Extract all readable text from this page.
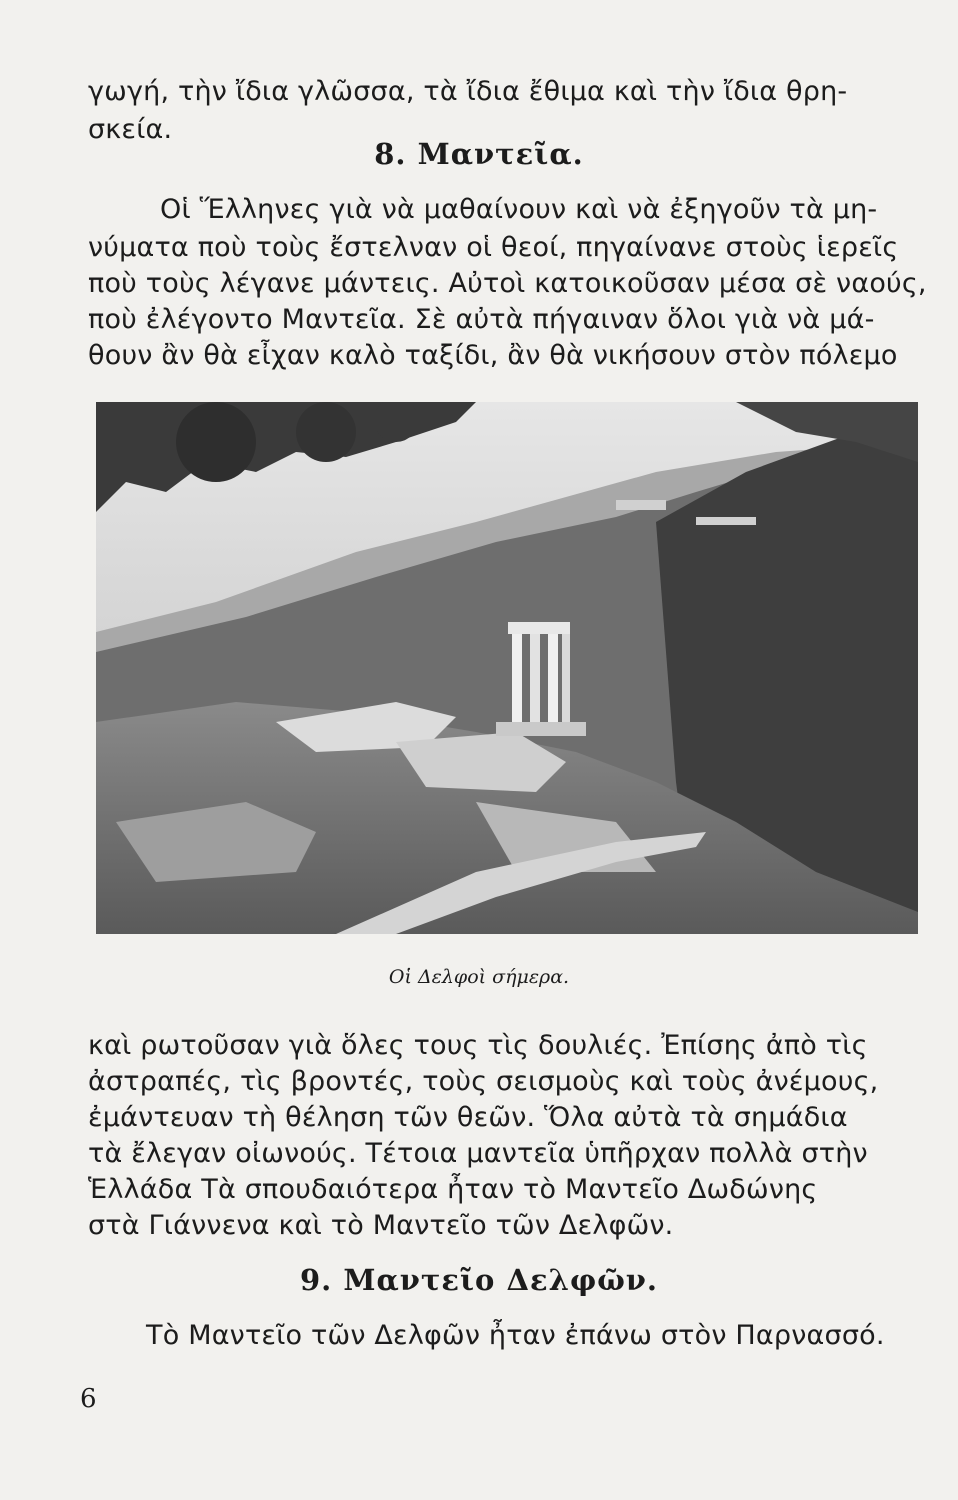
γωγή, τὴν ἴδια γλῶσσα, τὰ ἴδια ἔθιμα καὶ τὴν ἴδια θρη-
σκεία.
8. Μαντεῖα.
Οἱ Ἕλληνες γιὰ νὰ μαθαίνουν καὶ νὰ ἐξηγοῦν τὰ μη-
νύματα ποὺ τοὺς ἔστελναν οἱ θεοί, πηγαίνανε στοὺς ἱερεῖς
ποὺ τοὺς λέγανε μάντεις. Αὐτοὶ κατοικοῦσαν μέσα σὲ ναούς,
ποὺ ἐλέγοντο Μαντεῖα. Σὲ αὐτὰ πήγαιναν ὅλοι γιὰ νὰ μά-
θουν ἂν θὰ εἶχαν καλὸ ταξίδι, ἂν θὰ νικήσουν στὸν πόλεμο
Οἱ Δελφοὶ σήμερα.
καὶ ρωτοῦσαν γιὰ ὅλες τους τὶς δουλιές. Ἐπίσης ἀπὸ τὶς
ἀστραπές, τὶς βροντές, τοὺς σεισμοὺς καὶ τοὺς ἀνέμους,
ἐμάντευαν τὴ θέληση τῶν θεῶν. Ὅλα αὐτὰ τὰ σημάδια
τὰ ἔλεγαν οἰωνούς. Τέτοια μαντεῖα ὑπῆρχαν πολλὰ στὴν
Ἑλλάδα Τὰ σπουδαιότερα ἦταν τὸ Μαντεῖο Δωδώνης
στὰ Γιάννενα καὶ τὸ Μαντεῖο τῶν Δελφῶν.
9. Μαντεῖο Δελφῶν.
Τὸ Μαντεῖο τῶν Δελφῶν ἦταν ἐπάνω στὸν Παρνασσό.
6
